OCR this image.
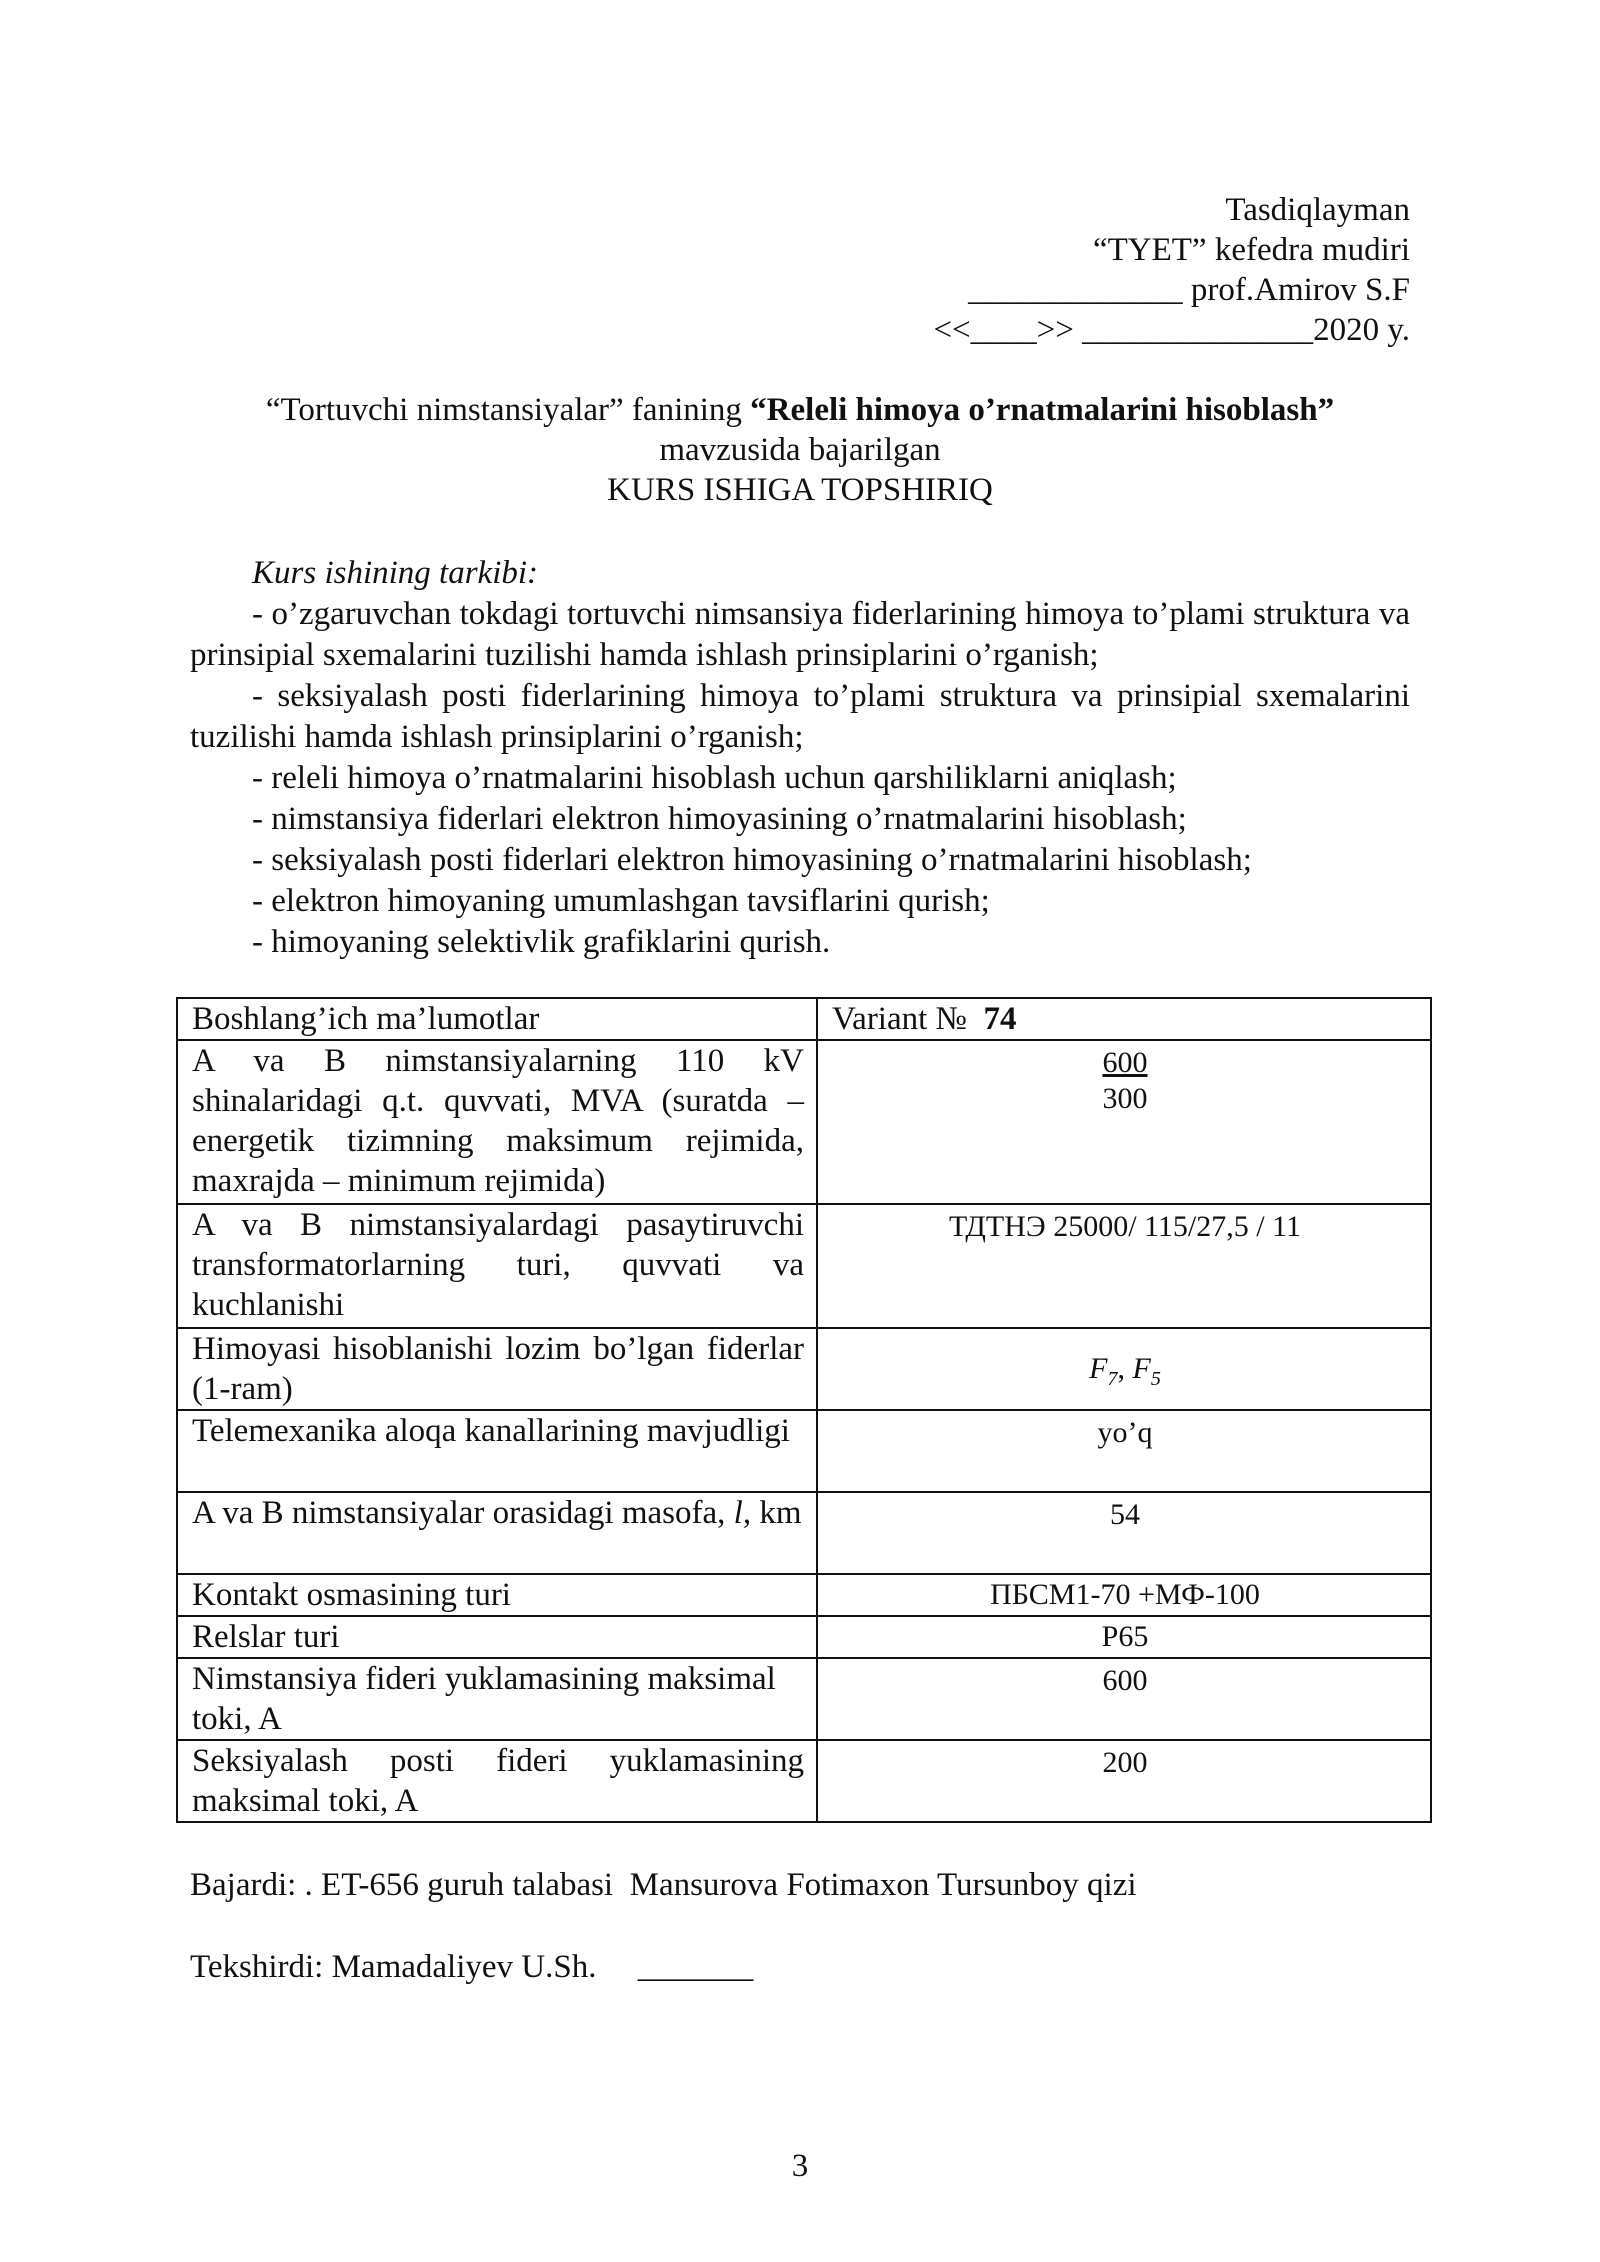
Tasdiqlayman
“TYET” kefedra mudiri
_____________ prof.Amirov S.F
<<____>> ______________2020 y.
“Tortuvchi nimstansiyalar” fanining “Releli himoya o’rnatmalarini hisoblash”
mavzusida bajarilgan
KURS ISHIGA TOPSHIRIQ
Kurs ishining tarkibi:
- o’zgaruvchan tokdagi tortuvchi nimsansiya fiderlarining himoya to’plami struktura va prinsipial sxemalarini tuzilishi hamda ishlash prinsiplarini o’rganish;
- seksiyalash posti fiderlarining himoya to’plami struktura va prinsipial sxemalarini tuzilishi hamda ishlash prinsiplarini o’rganish;
- releli himoya o’rnatmalarini hisoblash uchun qarshiliklarni aniqlash;
- nimstansiya fiderlari elektron himoyasining o’rnatmalarini hisoblash;
- seksiyalash posti fiderlari elektron himoyasining o’rnatmalarini hisoblash;
- elektron himoyaning umumlashgan tavsiflarini qurish;
- himoyaning selektivlik grafiklarini qurish.
Boshlang’ich ma’lumotlar	Variant № 74
A va B nimstansiyalarning 110 kV shinalaridagi q.t. quvvati, MVA (suratda – energetik tizimning maksimum rejimida, maxrajda – minimum rejimida)	600
300
A va B nimstansiyalardagi pasaytiruvchi transformatorlarning turi, quvvati va kuchlanishi	ТДТНЭ 25000/ 115/27,5 / 11
Himoyasi hisoblanishi lozim bo’lgan fiderlar (1-ram)	$F_7$, $F_5$
Telemexanika aloqa kanallarining mavjudligi	yo’q
A va B nimstansiyalar orasidagi masofa, l, km	54
Kontakt osmasining turi	ПБСМ1-70 +МФ-100
Relslar turi	Р65
Nimstansiya fideri yuklamasining maksimal toki, A	600
Seksiyalash posti fideri yuklamasining maksimal toki, A	200
Bajardi: . ET-656 guruh talabasi  Mansurova Fotimaxon Tursunboy qizi
Tekshirdi: Mamadaliyev U.Sh.     _______
3
